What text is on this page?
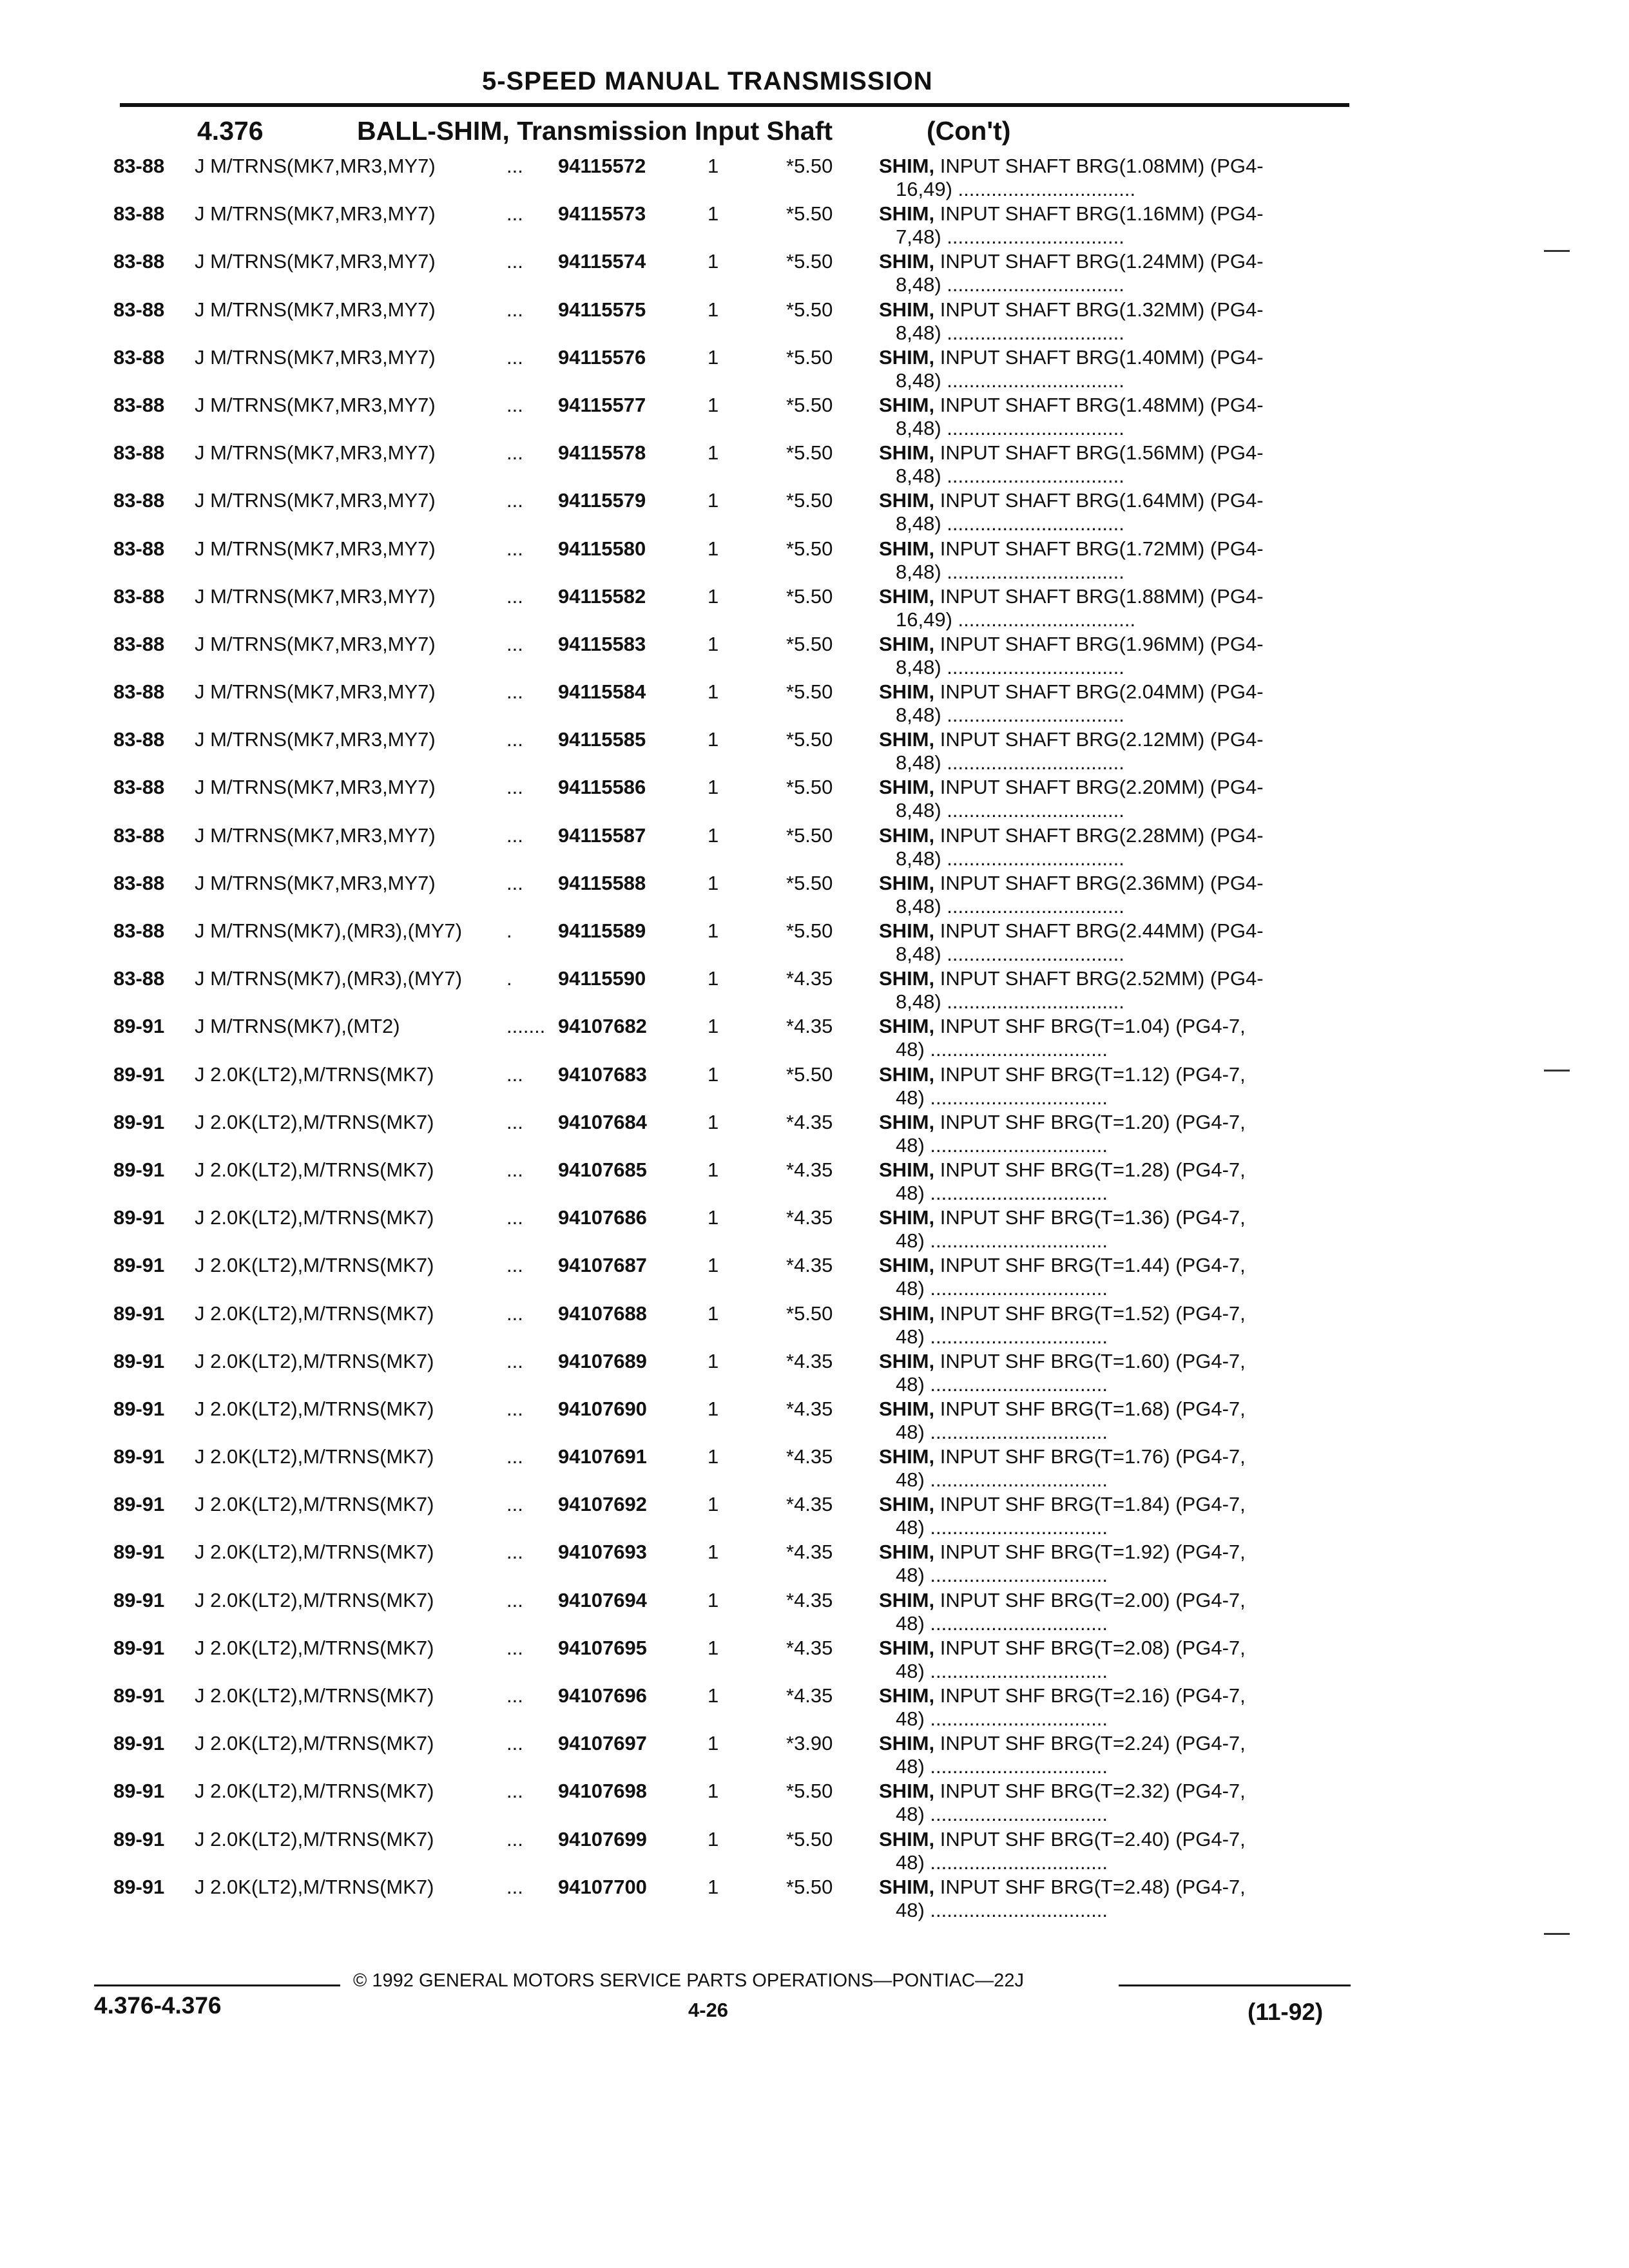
5-SPEED MANUAL TRANSMISSION
4.376	BALL-SHIM, Transmission Input Shaft	(Con't)
83-88 J M/TRNS(MK7,MR3,MY7)	... 94115572	1	*5.50 SHIM, INPUT SHAFT BRG(1.08MM) (PG4-
16,49) ................................
83-88 J M/TRNS(MK7,MR3,MY7)	... 94115573	1	*5.50 SHIM, INPUT SHAFT BRG(1.16MM) (PG4-
7,48) ................................
83-88 J M/TRNS(MK7,MR3,MY7)	... 94115574	1	*5.50 SHIM, INPUT SHAFT BRG(1.24MM) (PG4-
8,48) ................................
83-88 J M/TRNS(MK7,MR3,MY7)	... 94115575	1	*5.50 SHIM, INPUT SHAFT BRG(1.32MM) (PG4-
8,48) ................................
83-88 J M/TRNS(MK7,MR3,MY7)	... 94115576	1	*5.50 SHIM, INPUT SHAFT BRG(1.40MM) (PG4-
8,48) ................................
83-88 J M/TRNS(MK7,MR3,MY7)	... 94115577	1	*5.50 SHIM, INPUT SHAFT BRG(1.48MM) (PG4-
8,48) ................................
83-88 J M/TRNS(MK7,MR3,MY7)	... 94115578	1	*5.50 SHIM, INPUT SHAFT BRG(1.56MM) (PG4-
8,48) ................................
83-88 J M/TRNS(MK7,MR3,MY7)	... 94115579	1	*5.50 SHIM, INPUT SHAFT BRG(1.64MM) (PG4-
8,48) ................................
83-88 J M/TRNS(MK7,MR3,MY7)	... 94115580	1	*5.50 SHIM, INPUT SHAFT BRG(1.72MM) (PG4-
8,48) ................................
83-88 J M/TRNS(MK7,MR3,MY7)	... 94115582	1	*5.50 SHIM, INPUT SHAFT BRG(1.88MM) (PG4-
16,49) ................................
83-88 J M/TRNS(MK7,MR3,MY7)	... 94115583	1	*5.50 SHIM, INPUT SHAFT BRG(1.96MM) (PG4-
8,48) ................................
83-88 J M/TRNS(MK7,MR3,MY7)	... 94115584	1	*5.50 SHIM, INPUT SHAFT BRG(2.04MM) (PG4-
8,48) ................................
83-88 J M/TRNS(MK7,MR3,MY7)	... 94115585	1	*5.50 SHIM, INPUT SHAFT BRG(2.12MM) (PG4-
8,48) ................................
83-88 J M/TRNS(MK7,MR3,MY7)	... 94115586	1	*5.50 SHIM, INPUT SHAFT BRG(2.20MM) (PG4-
8,48) ................................
83-88 J M/TRNS(MK7,MR3,MY7)	... 94115587	1	*5.50 SHIM, INPUT SHAFT BRG(2.28MM) (PG4-
8,48) ................................
83-88 J M/TRNS(MK7,MR3,MY7)	... 94115588	1	*5.50 SHIM, INPUT SHAFT BRG(2.36MM) (PG4-
8,48) ................................
83-88 J M/TRNS(MK7),(MR3),(MY7) . 94115589	1	*5.50 SHIM, INPUT SHAFT BRG(2.44MM) (PG4-
8,48) ................................
83-88 J M/TRNS(MK7),(MR3),(MY7) . 94115590	1	*4.35 SHIM, INPUT SHAFT BRG(2.52MM) (PG4-
8,48) ................................
89-91 J M/TRNS(MK7),(MT2)	....... 94107682	1	*4.35 SHIM, INPUT SHF BRG(T=1.04) (PG4-7,
48) ................................
89-91 J 2.0K(LT2),M/TRNS(MK7)	... 94107683	1	*5.50 SHIM, INPUT SHF BRG(T=1.12) (PG4-7,
48) ................................
89-91 J 2.0K(LT2),M/TRNS(MK7)	... 94107684	1	*4.35 SHIM, INPUT SHF BRG(T=1.20) (PG4-7,
48) ................................
89-91 J 2.0K(LT2),M/TRNS(MK7)	... 94107685	1	*4.35 SHIM, INPUT SHF BRG(T=1.28) (PG4-7,
48) ................................
89-91 J 2.0K(LT2),M/TRNS(MK7)	... 94107686	1	*4.35 SHIM, INPUT SHF BRG(T=1.36) (PG4-7,
48) ................................
89-91 J 2.0K(LT2),M/TRNS(MK7)	... 94107687	1	*4.35 SHIM, INPUT SHF BRG(T=1.44) (PG4-7,
48) ................................
89-91 J 2.0K(LT2),M/TRNS(MK7)	... 94107688	1	*5.50 SHIM, INPUT SHF BRG(T=1.52) (PG4-7,
48) ................................
89-91 J 2.0K(LT2),M/TRNS(MK7)	... 94107689	1	*4.35 SHIM, INPUT SHF BRG(T=1.60) (PG4-7,
48) ................................
89-91 J 2.0K(LT2),M/TRNS(MK7)	... 94107690	1	*4.35 SHIM, INPUT SHF BRG(T=1.68) (PG4-7,
48) ................................
89-91 J 2.0K(LT2),M/TRNS(MK7)	... 94107691	1	*4.35 SHIM, INPUT SHF BRG(T=1.76) (PG4-7,
48) ................................
89-91 J 2.0K(LT2),M/TRNS(MK7)	... 94107692	1	*4.35 SHIM, INPUT SHF BRG(T=1.84) (PG4-7,
48) ................................
89-91 J 2.0K(LT2),M/TRNS(MK7)	... 94107693	1	*4.35 SHIM, INPUT SHF BRG(T=1.92) (PG4-7,
48) ................................
89-91 J 2.0K(LT2),M/TRNS(MK7)	... 94107694	1	*4.35 SHIM, INPUT SHF BRG(T=2.00) (PG4-7,
48) ................................
89-91 J 2.0K(LT2),M/TRNS(MK7)	... 94107695	1	*4.35 SHIM, INPUT SHF BRG(T=2.08) (PG4-7,
48) ................................
89-91 J 2.0K(LT2),M/TRNS(MK7)	... 94107696	1	*4.35 SHIM, INPUT SHF BRG(T=2.16) (PG4-7,
48) ................................
89-91 J 2.0K(LT2),M/TRNS(MK7)	... 94107697	1	*3.90 SHIM, INPUT SHF BRG(T=2.24) (PG4-7,
48) ................................
89-91 J 2.0K(LT2),M/TRNS(MK7)	... 94107698	1	*5.50 SHIM, INPUT SHF BRG(T=2.32) (PG4-7,
48) ................................
89-91 J 2.0K(LT2),M/TRNS(MK7)	... 94107699	1	*5.50 SHIM, INPUT SHF BRG(T=2.40) (PG4-7,
48) ................................
89-91 J 2.0K(LT2),M/TRNS(MK7)	... 94107700	1	*5.50 SHIM, INPUT SHF BRG(T=2.48) (PG4-7,
48) ................................
© 1992 GENERAL MOTORS SERVICE PARTS OPERATIONS—PONTIAC—22J
4.376-4.376	4-26	(11-92)
